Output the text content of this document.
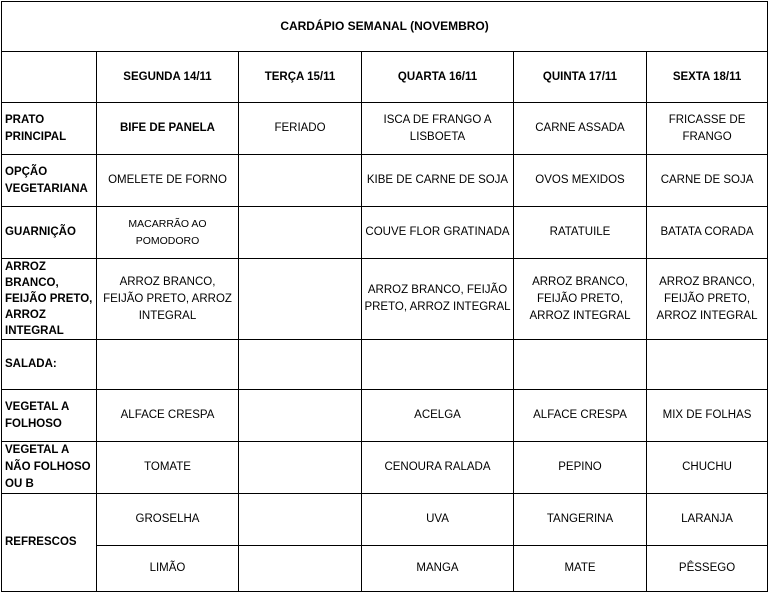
CARDÁPIO SEMANAL (NOVEMBRO)					
	SEGUNDA 14/11	TERÇA 15/11	QUARTA 16/11	QUINTA 17/11	SEXTA 18/11
PRATO PRINCIPAL	BIFE DE PANELA	FERIADO	ISCA DE FRANGO A LISBOETA	CARNE ASSADA	FRICASSE DE FRANGO
OPÇÃO VEGETARIANA	OMELETE DE FORNO		KIBE DE CARNE DE SOJA	OVOS MEXIDOS	CARNE DE SOJA
GUARNIÇÃO	MACARRÃO AO POMODORO		COUVE FLOR GRATINADA	RATATUILE	BATATA CORADA
ARROZ BRANCO, FEIJÃO PRETO, ARROZ INTEGRAL	ARROZ BRANCO, FEIJÃO PRETO, ARROZ INTEGRAL		ARROZ BRANCO, FEIJÃO PRETO, ARROZ INTEGRAL	ARROZ BRANCO, FEIJÃO PRETO, ARROZ INTEGRAL	ARROZ BRANCO, FEIJÃO PRETO, ARROZ INTEGRAL
SALADA:					
VEGETAL A FOLHOSO	ALFACE CRESPA		ACELGA	ALFACE CRESPA	MIX DE FOLHAS
VEGETAL A NÃO FOLHOSO OU B	TOMATE		CENOURA RALADA	PEPINO	CHUCHU
REFRESCOS	GROSELHA		UVA	TANGERINA	LARANJA
	LIMÃO		MANGA	MATE	PÊSSEGO
